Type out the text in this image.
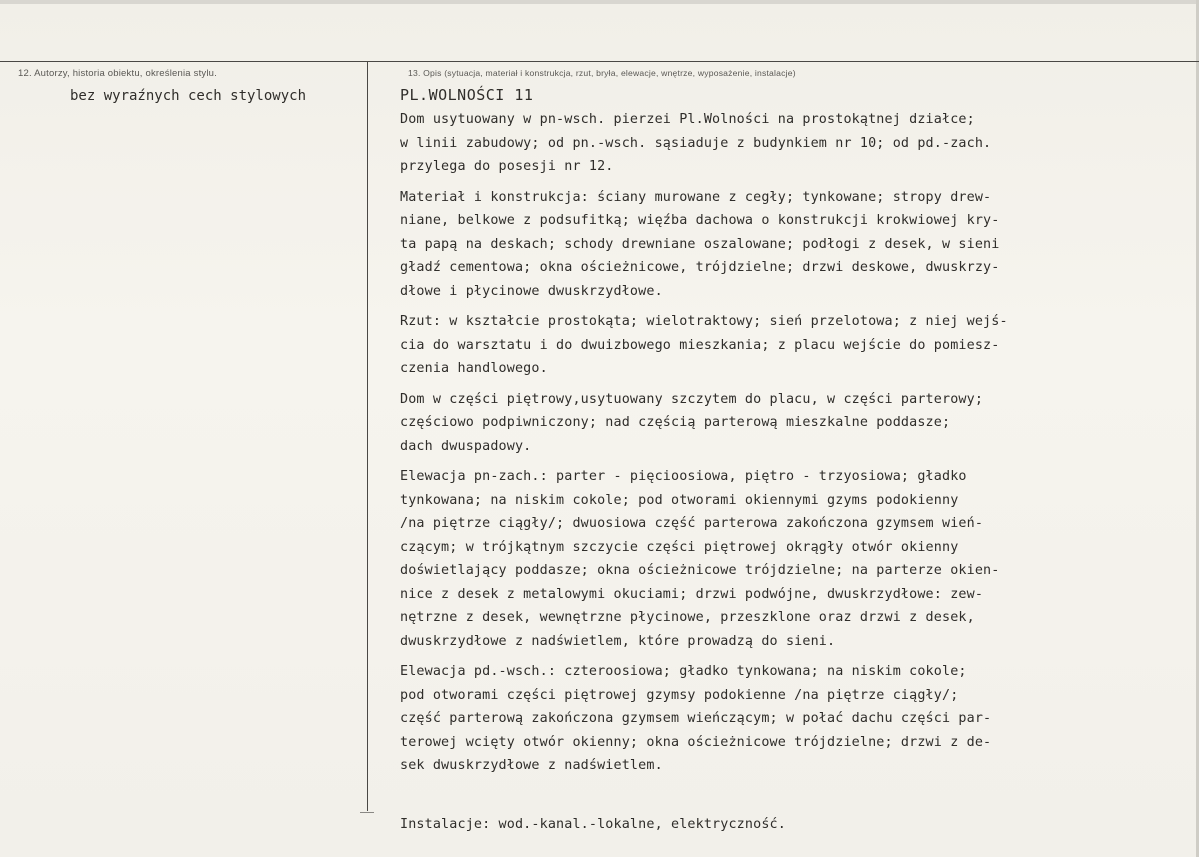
12. Autorzy, historia obiektu, określenia stylu.	13. Opis (sytuacja, materiał i konstrukcja, rzut, bryła, elewacje, wnętrze, wyposażenie, instalacje)
bez wyraźnych cech stylowych	PL.WOLNOŚCI 11
Dom usytuowany w pn-wsch. pierzei Pl.Wolności na prostokątnej działce;
w linii zabudowy; od pn.-wsch. sąsiaduje z budynkiem nr 10; od pd.-zach.
przylega do posesji nr 12.
Materiał i konstrukcja: ściany murowane z cegły; tynkowane; stropy drew-
niane, belkowe z podsufitką; więźba dachowa o konstrukcji krokwiowej kry-
ta papą na deskach; schody drewniane oszalowane; podłogi z desek, w sieni
gładź cementowa; okna ościeżnicowe, trójdzielne; drzwi deskowe, dwuskrzy-
dłowe i płycinowe dwuskrzydłowe.
Rzut: w kształcie prostokąta; wielotraktowy; sień przelotowa; z niej wejś-
cia do warsztatu i do dwuizbowego mieszkania; z placu wejście do pomiesz-
czenia handlowego.
Dom w części piętrowy,usytuowany szczytem do placu, w części parterowy;
częściowo podpiwniczony; nad częścią parterową mieszkalne poddasze;
dach dwuspadowy.
Elewacja pn-zach.: parter - pięcioosiowa, piętro - trzyosiowa; gładko
tynkowana; na niskim cokole; pod otworami okiennymi gzyms podokienny
/na piętrze ciągły/; dwuosiowa część parterowa zakończona gzymsem wień-
czącym; w trójkątnym szczycie części piętrowej okrągły otwór okienny
doświetlający poddasze; okna ościeżnicowe trójdzielne; na parterze okien-
nice z desek z metalowymi okuciami; drzwi podwójne, dwuskrzydłowe: zew-
nętrzne z desek, wewnętrzne płycinowe, przeszklone oraz drzwi z desek,
dwuskrzydłowe z nadświetlem, które prowadzą do sieni.
Elewacja pd.-wsch.: czteroosiowa; gładko tynkowana; na niskim cokole;
pod otworami części piętrowej gzymsy podokienne /na piętrze ciągły/;
część parterową zakończona gzymsem wieńczącym; w połać dachu części par-
terowej wcięty otwór okienny; okna ościeżnicowe trójdzielne; drzwi z de-
sek dwuskrzydłowe z nadświetlem.
Instalacje: wod.-kanal.-lokalne, elektryczność.
